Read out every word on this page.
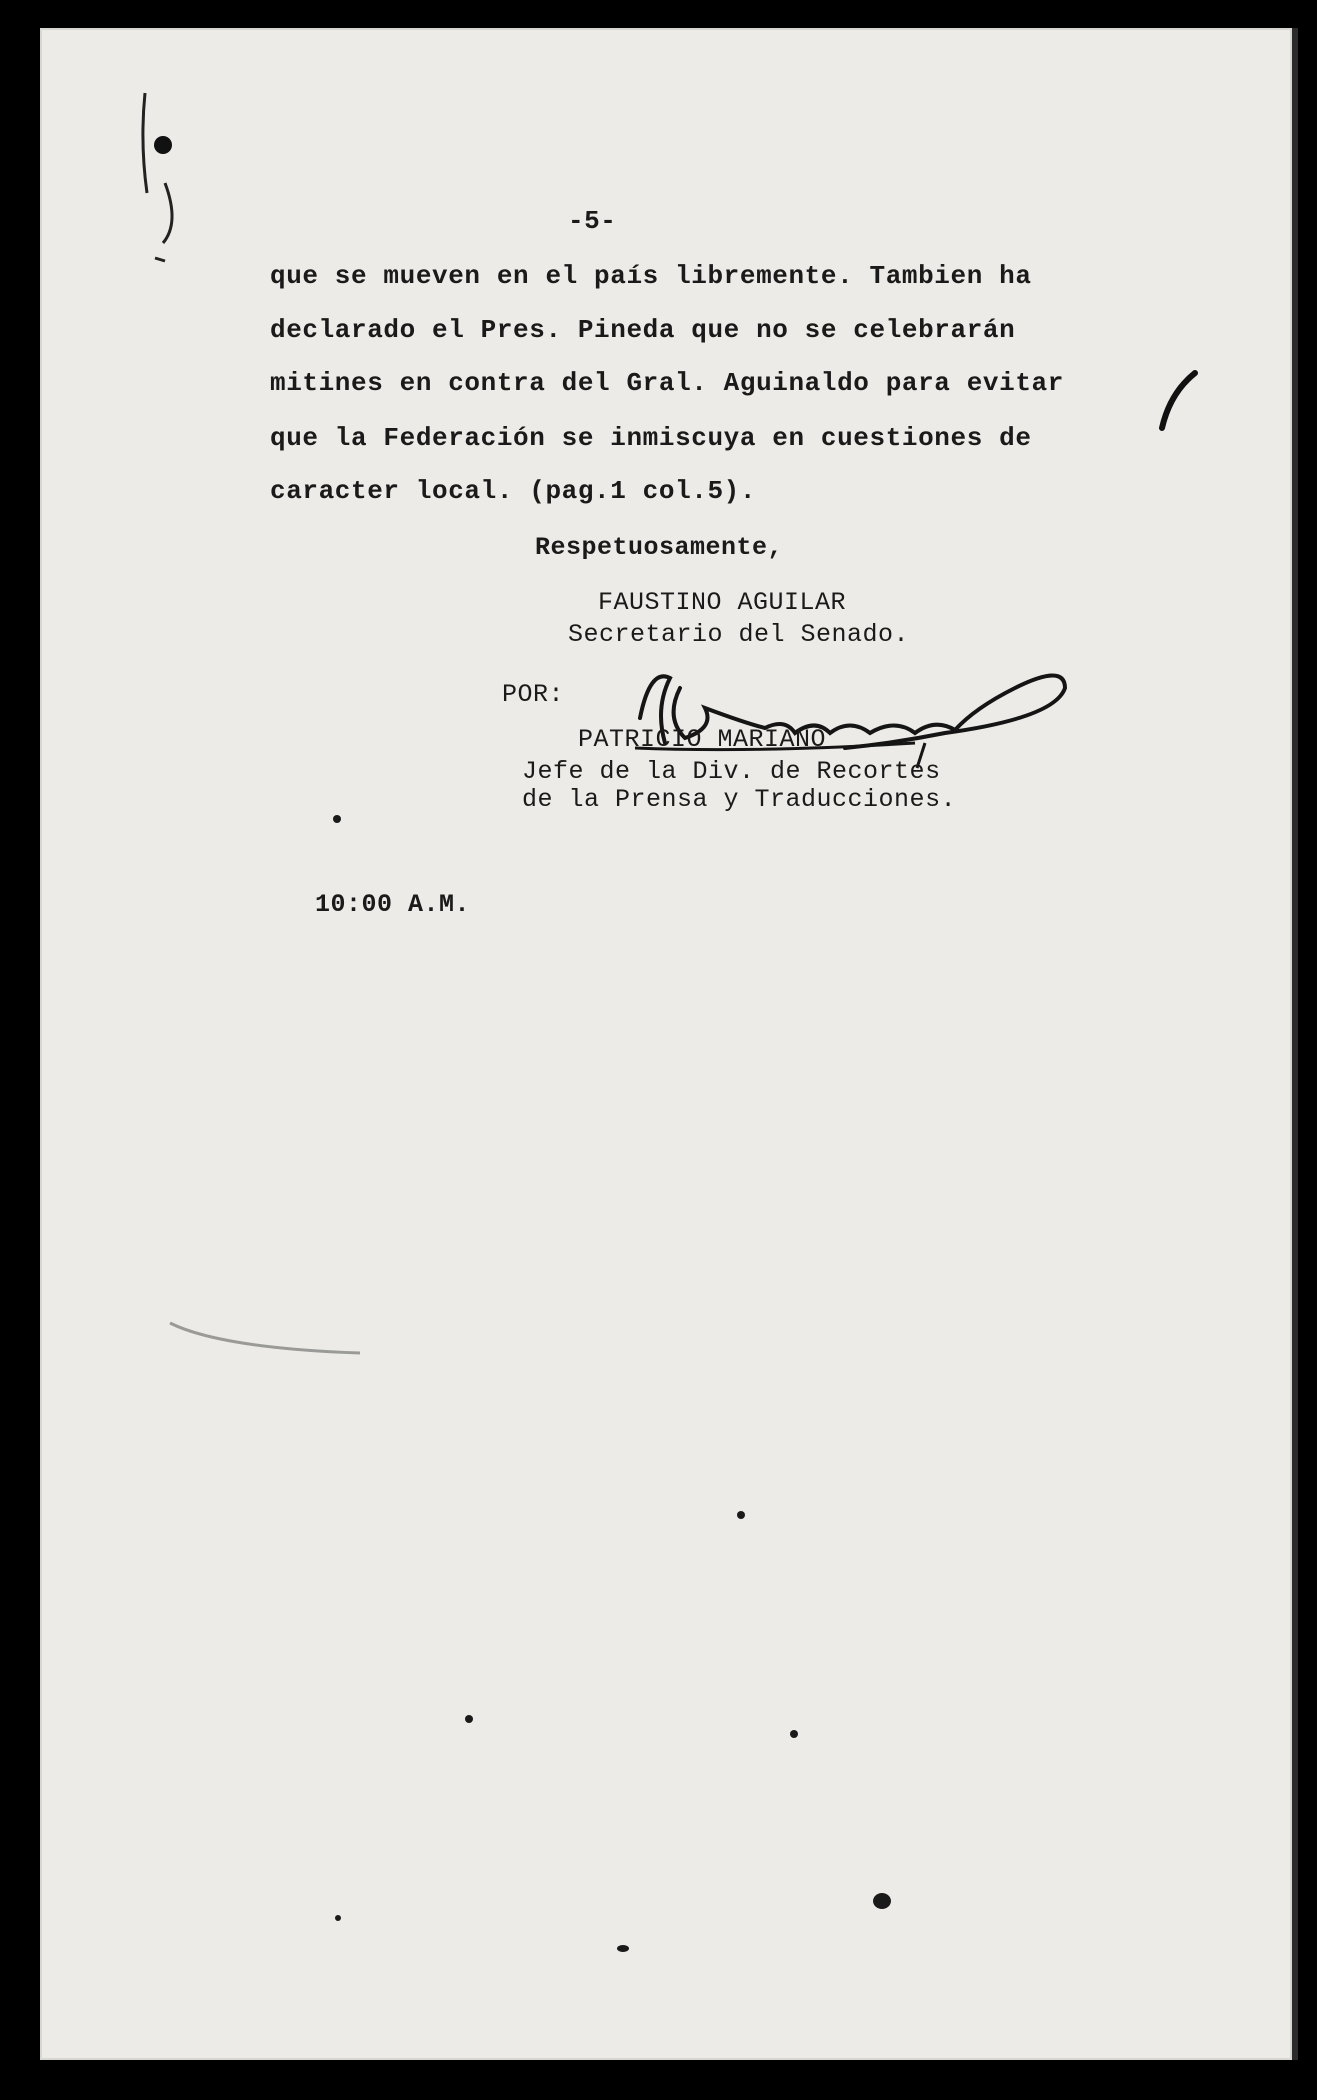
-5-
que se mueven en el país libremente. Tambien ha
declarado el Pres. Pineda que no se celebrarán
mitines en contra del Gral. Aguinaldo para evitar
que la Federación se inmiscuya en cuestiones de
caracter local. (pag.1 col.5).
Respetuosamente,
FAUSTINO AGUILAR
Secretario del Senado.
POR:
PATRICIO MARIANO
Jefe de la Div. de Recortes
de la Prensa y Traducciones.
10:00 A.M.
